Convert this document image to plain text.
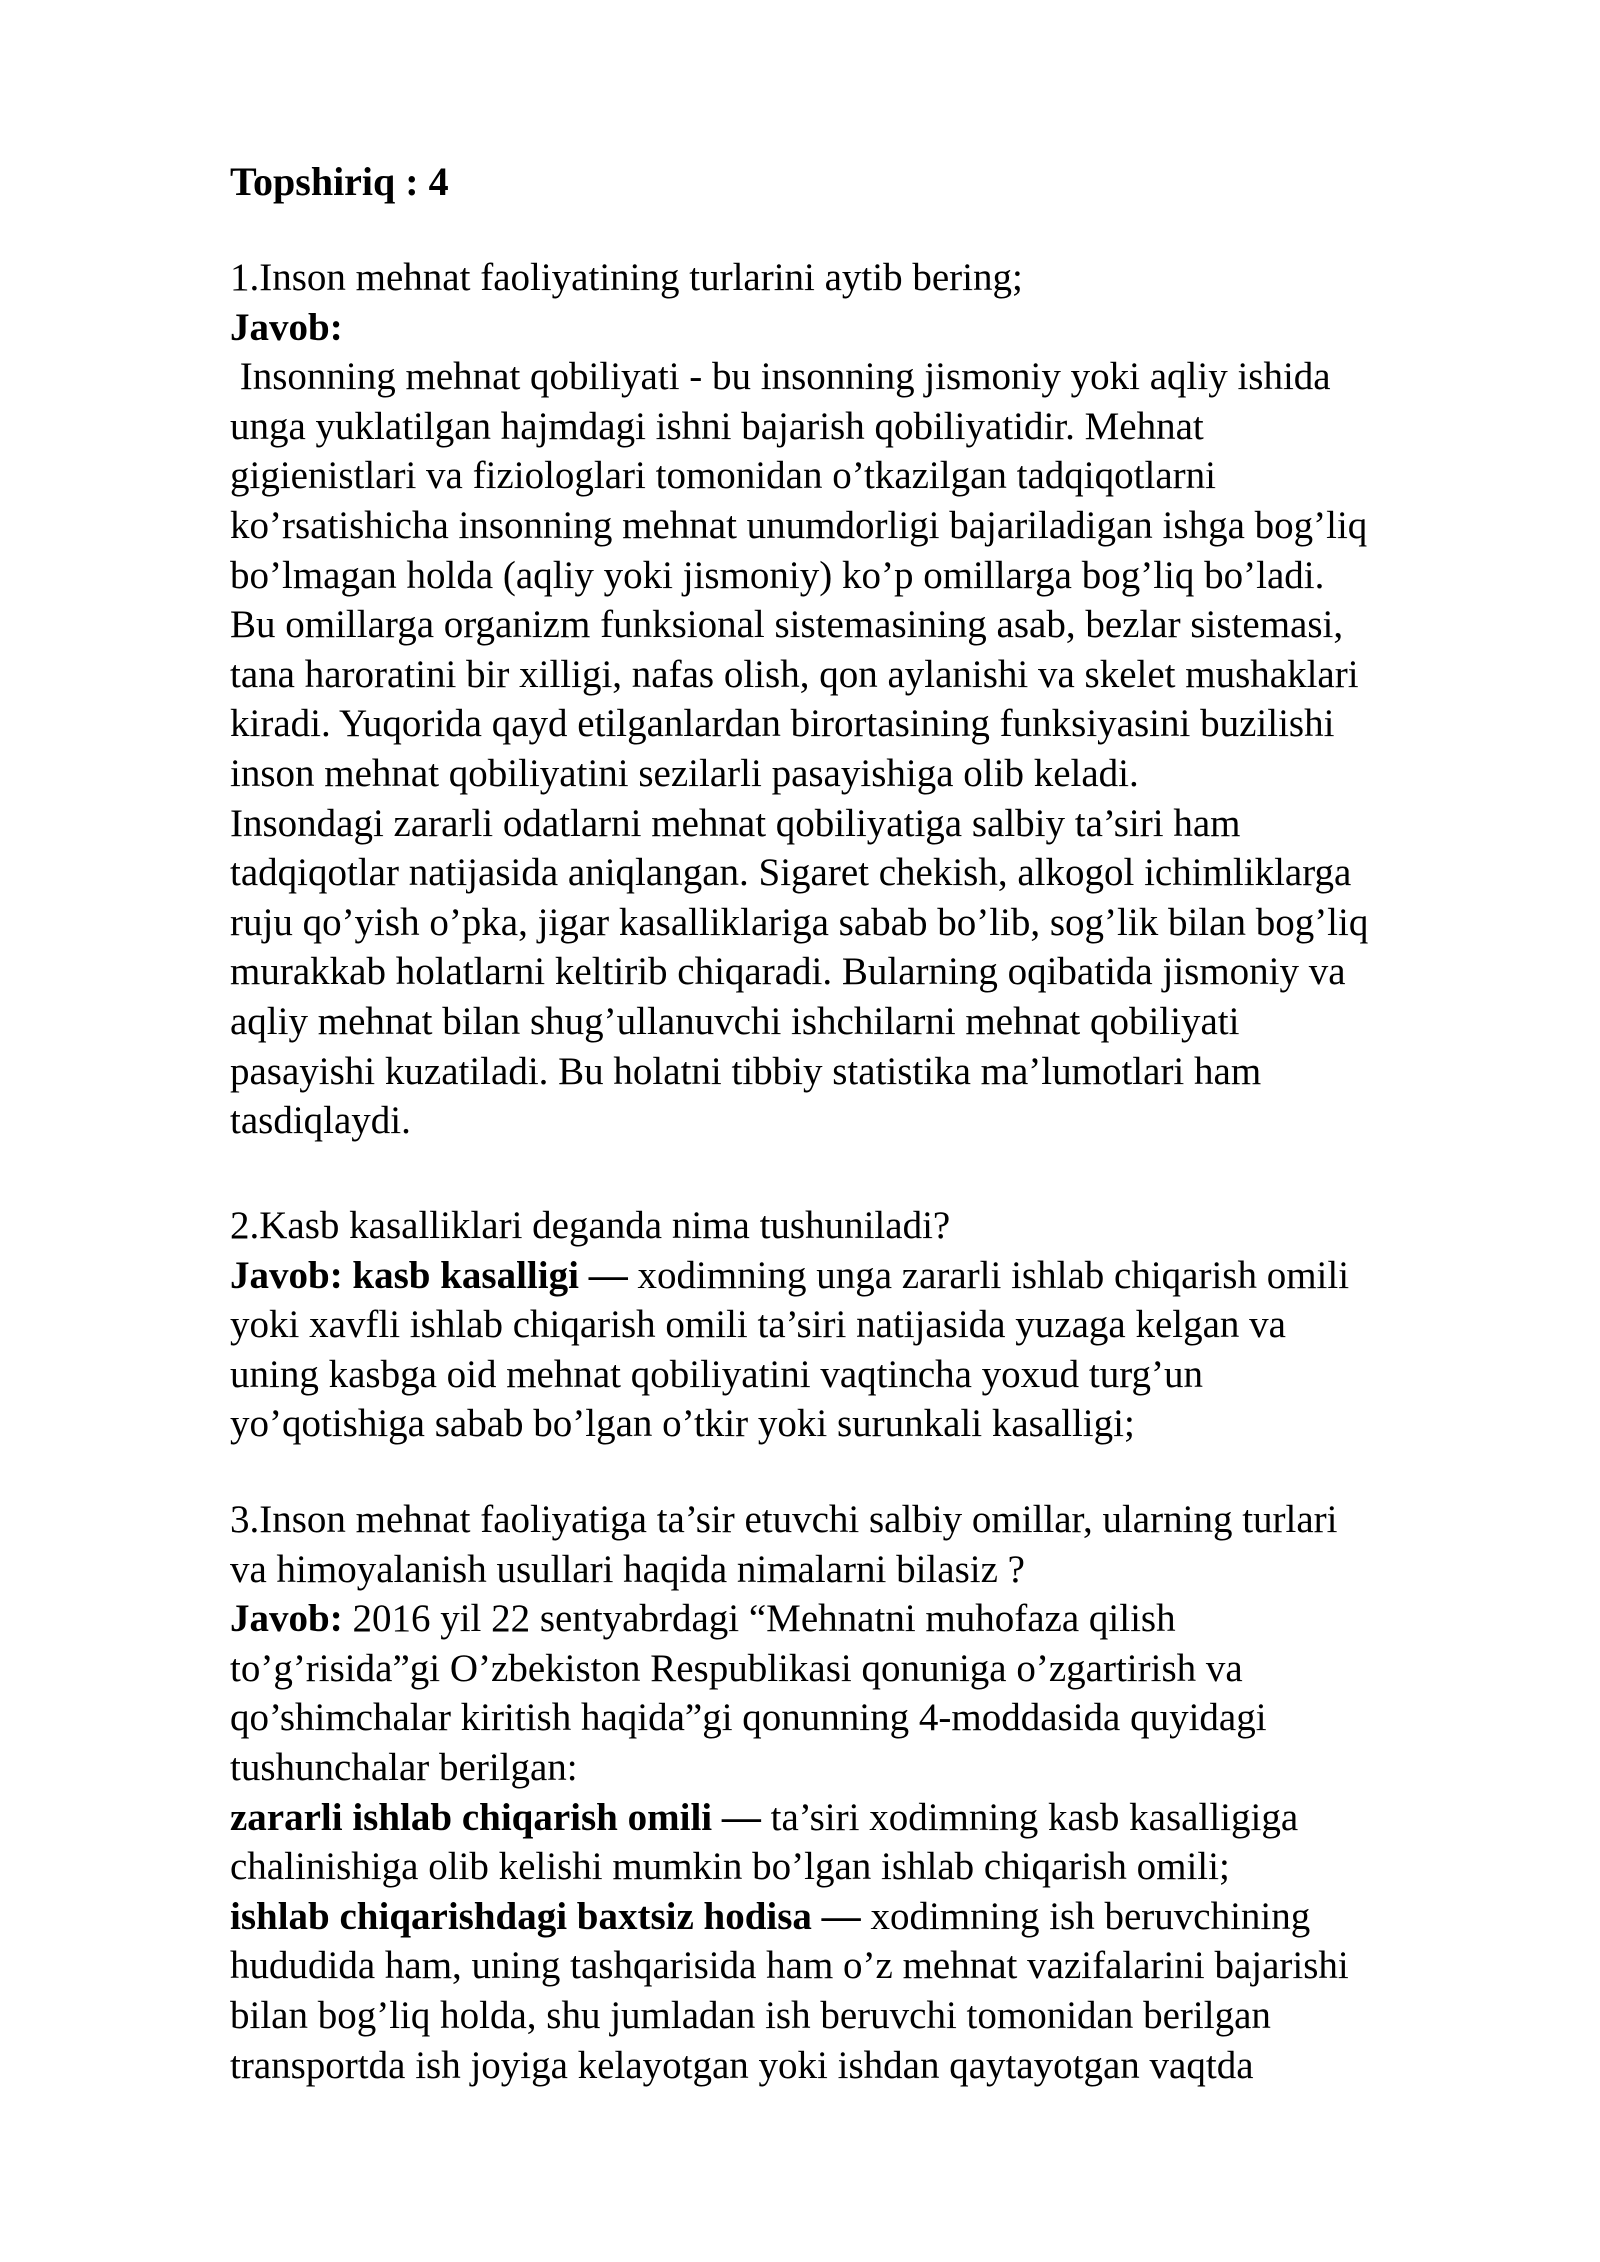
Topshiriq : 4
1.Inson mehnat faoliyatining turlarini aytib bering;
Javob:
Insonning mehnat qobiliyati - bu insonning jismoniy yoki aqliy ishida
unga yuklatilgan hajmdagi ishni bajarish qobiliyatidir. Mehnat
gigienistlari va fiziologlari tomonidan o’tkazilgan tadqiqotlarni
ko’rsatishicha insonning mehnat unumdorligi bajariladigan ishga bog’liq
bo’lmagan holda (aqliy yoki jismoniy) ko’p omillarga bog’liq bo’ladi.
Bu omillarga organizm funksional sistemasining asab, bezlar sistemasi,
tana haroratini bir xilligi, nafas olish, qon aylanishi va skelet mushaklari
kiradi. Yuqorida qayd etilganlardan birortasining funksiyasini buzilishi
inson mehnat qobiliyatini sezilarli pasayishiga olib keladi.
Insondagi zararli odatlarni mehnat qobiliyatiga salbiy ta’siri ham
tadqiqotlar natijasida aniqlangan. Sigaret chekish, alkogol ichimliklarga
ruju qo’yish o’pka, jigar kasalliklariga sabab bo’lib, sog’lik bilan bog’liq
murakkab holatlarni keltirib chiqaradi. Bularning oqibatida jismoniy va
aqliy mehnat bilan shug’ullanuvchi ishchilarni mehnat qobiliyati
pasayishi kuzatiladi. Bu holatni tibbiy statistika ma’lumotlari ham
tasdiqlaydi.
2.Kasb kasalliklari deganda nima tushuniladi?
Javob: kasb kasalligi — xodimning unga zararli ishlab chiqarish omili
yoki xavfli ishlab chiqarish omili ta’siri natijasida yuzaga kelgan va
uning kasbga oid mehnat qobiliyatini vaqtincha yoxud turg’un
yo’qotishiga sabab bo’lgan o’tkir yoki surunkali kasalligi;
3.Inson mehnat faoliyatiga ta’sir etuvchi salbiy omillar, ularning turlari
va himoyalanish usullari haqida nimalarni bilasiz ?
Javob: 2016 yil 22 sentyabrdagi “Mehnatni muhofaza qilish
to’g’risida”gi O’zbekiston Respublikasi qonuniga o’zgartirish va
qo’shimchalar kiritish haqida”gi qonunning 4-moddasida quyidagi
tushunchalar berilgan:
zararli ishlab chiqarish omili — ta’siri xodimning kasb kasalligiga
chalinishiga olib kelishi mumkin bo’lgan ishlab chiqarish omili;
ishlab chiqarishdagi baxtsiz hodisa — xodimning ish beruvchining
hududida ham, uning tashqarisida ham o’z mehnat vazifalarini bajarishi
bilan bog’liq holda, shu jumladan ish beruvchi tomonidan berilgan
transportda ish joyiga kelayotgan yoki ishdan qaytayotgan vaqtda
